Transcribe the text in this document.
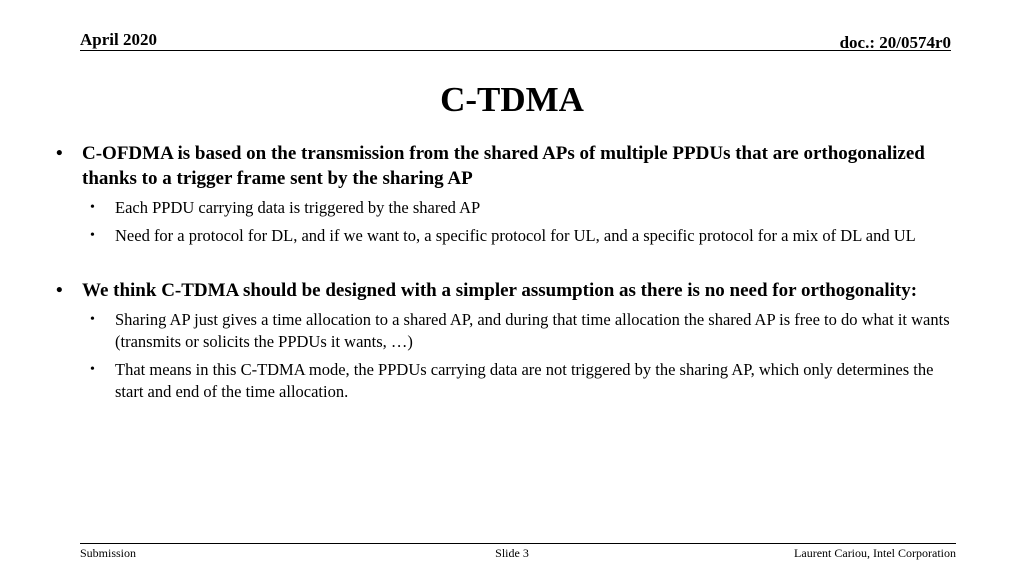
April 2020	doc.: 20/0574r0
C-TDMA
• C-OFDMA is based on the transmission from the shared APs of multiple PPDUs that are orthogonalized thanks to a trigger frame sent by the sharing AP
• Each PPDU carrying data is triggered by the shared AP
• Need for a protocol for DL, and if we want to, a specific protocol for UL, and a specific protocol for a mix of DL and UL
• We think C-TDMA should be designed with a simpler assumption as there is no need for orthogonality:
• Sharing AP just gives a time allocation to a shared AP, and during that time allocation the shared AP is free to do what it wants (transmits or solicits the PPDUs it wants, …)
• That means in this C-TDMA mode, the PPDUs carrying data are not triggered by the sharing AP, which only determines the start and end of the time allocation.
Submission	Slide 3	Laurent Cariou, Intel Corporation
